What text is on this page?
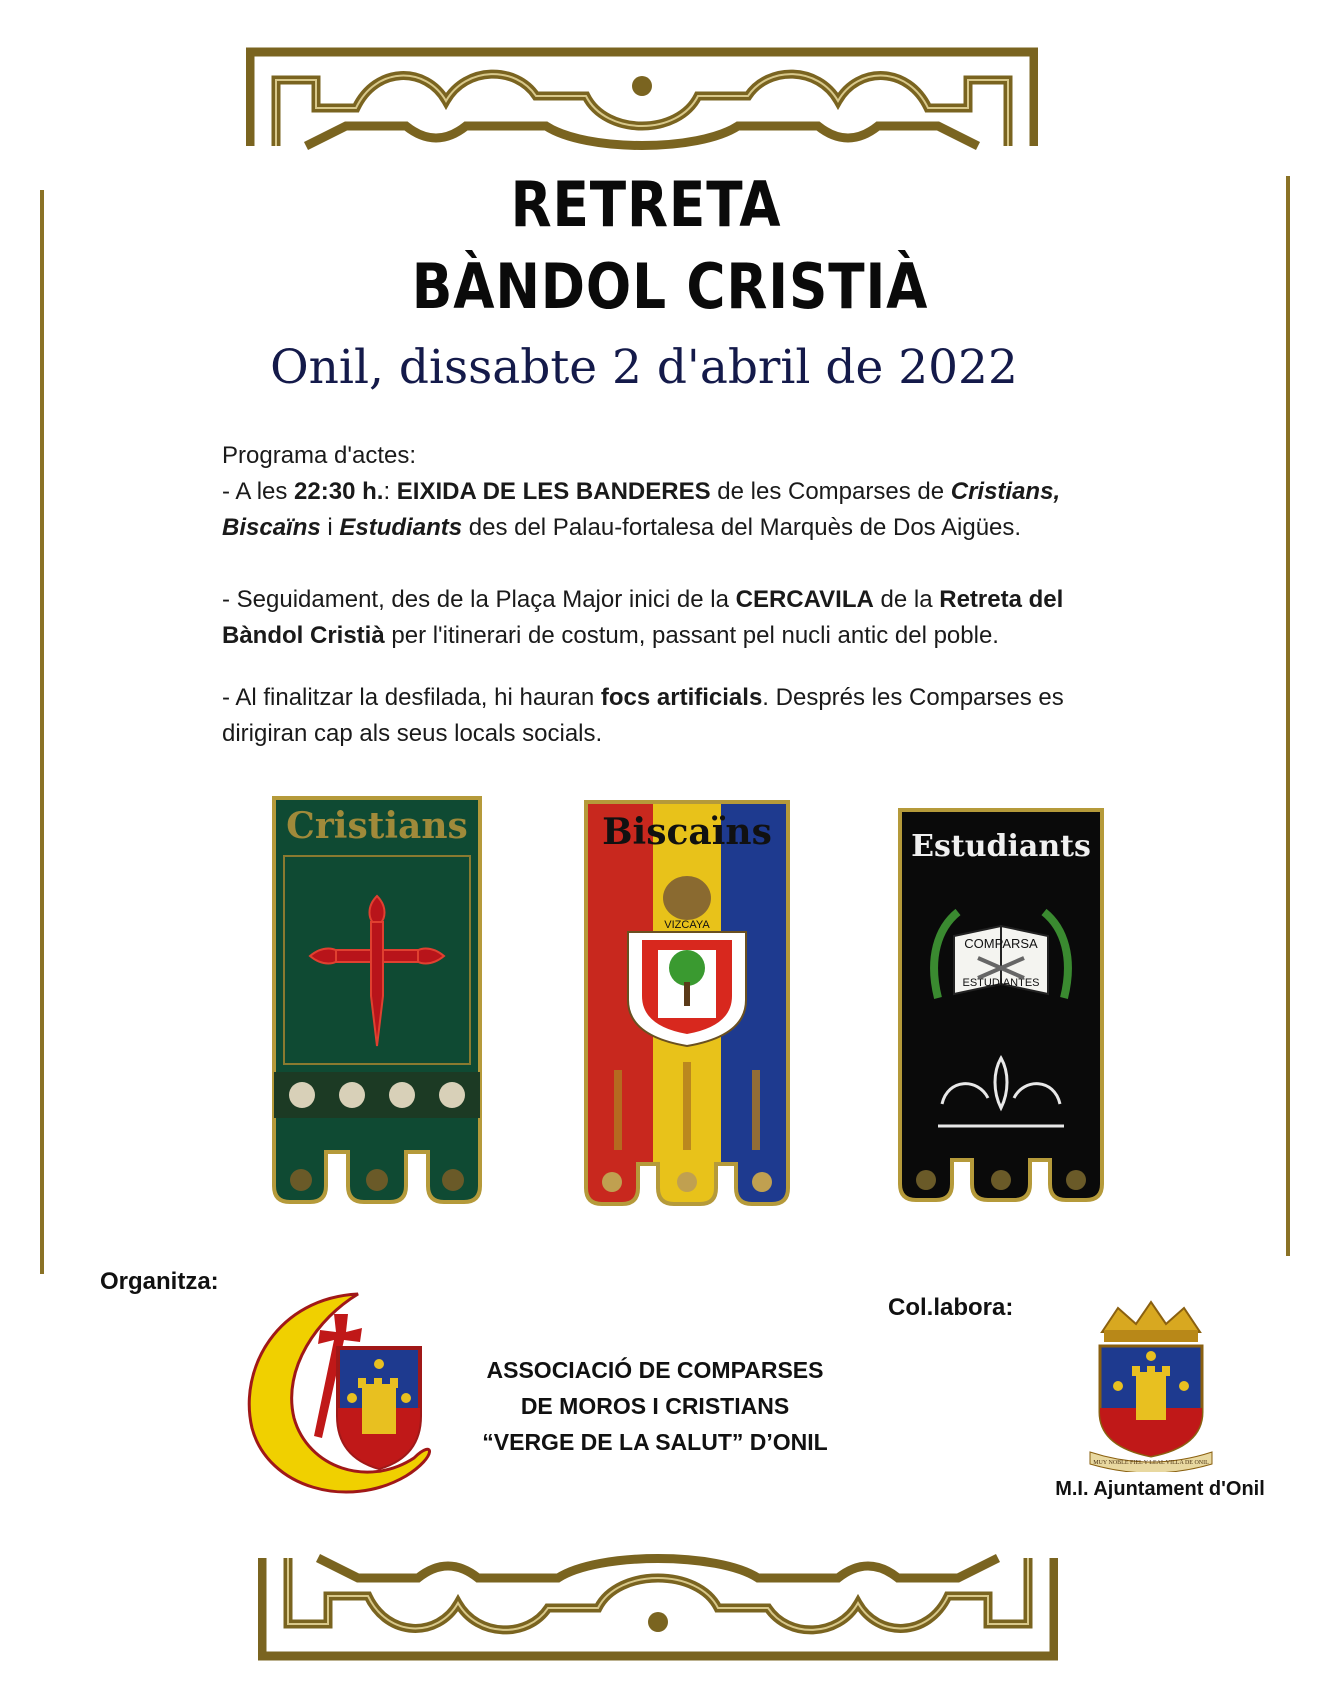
RETRETA
BÀNDOL CRISTIÀ
Onil, dissabte 2 d'abril de 2022
Programa d'actes:
- A les 22:30 h.: EIXIDA DE LES BANDERES de les Comparses de Cristians,
Biscaïns i Estudiants des del Palau-fortalesa del Marquès de Dos Aigües.
- Seguidament, des de la Plaça Major inici de la CERCAVILA de la Retreta del Bàndol Cristià per l'itinerari de costum, passant pel nucli antic del poble.
- Al finalitzar la desfilada, hi hauran focs artificials. Després les Comparses es dirigiran cap als seus locals socials.
Cristians	Biscaïns
VIZCAYA
Estudiants
COMPARSA
ESTUDIANTES
Organitza:
Col.labora:
ASSOCIACIÓ DE COMPARSES
DE MOROS I CRISTIANS
“VERGE DE LA SALUT” D’ONIL
MUY NOBLE FIEL Y LEAL VILLA DE ONIL
M.I. Ajuntament d'Onil
